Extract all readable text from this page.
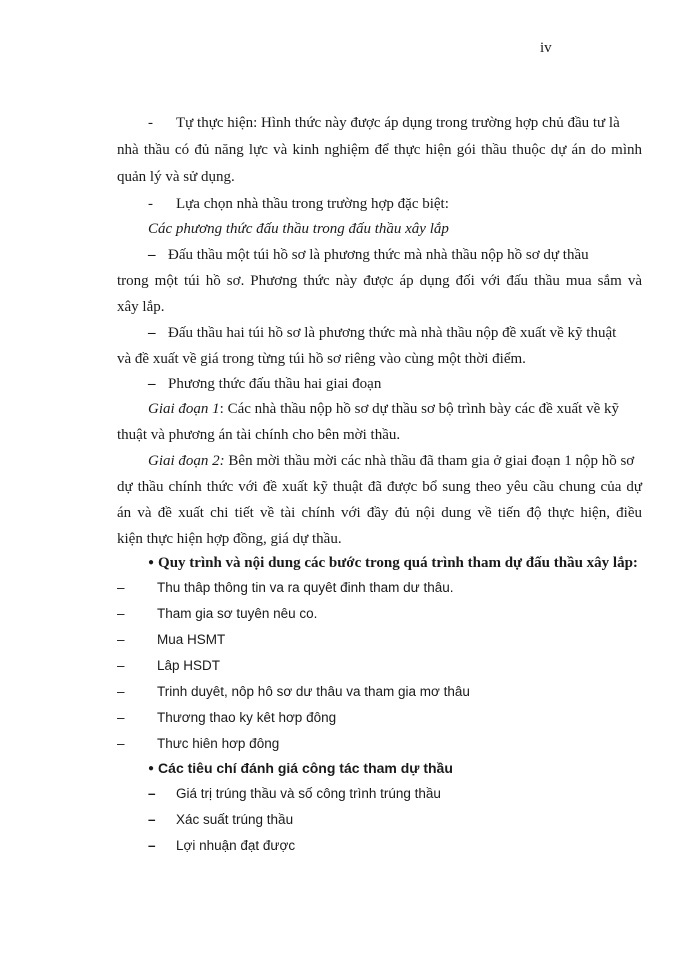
iv
- Tự thực hiện: Hình thức này được áp dụng trong trường hợp chủ đầu tư là
nhà thầu có đủ năng lực và kinh nghiệm để thực hiện gói thầu thuộc dự án do mình
quản lý và sử dụng.
- Lựa chọn nhà thầu trong trường hợp đặc biệt:
Các phương thức đấu thầu trong đấu thầu xây lắp
– Đấu thầu một túi hồ sơ là phương thức mà nhà thầu nộp hồ sơ dự thầu
trong một túi hồ sơ. Phương thức này được áp dụng đối với đấu thầu mua sắm và
xây lắp.
– Đấu thầu hai túi hồ sơ là phương thức mà nhà thầu nộp đề xuất về kỹ thuật
và đề xuất về giá trong từng túi hồ sơ riêng vào cùng một thời điểm.
– Phương thức đấu thầu hai giai đoạn
Giai đoạn 1: Các nhà thầu nộp hồ sơ dự thầu sơ bộ trình bày các đề xuất về kỹ
thuật và phương án tài chính cho bên mời thầu.
Giai đoạn 2: Bên mời thầu mời các nhà thầu đã tham gia ở giai đoạn 1 nộp hồ sơ
dự thầu chính thức với đề xuất kỹ thuật đã được bổ sung theo yêu cầu chung của dự
án và đề xuất chi tiết về tài chính với đầy đủ nội dung về tiến độ thực hiện, điều
kiện thực hiện hợp đồng, giá dự thầu.
● Quy trình và nội dung các bước trong quá trình tham dự đấu thầu xây lắp:
– Thu thâp thông tin va ra quyêt đinh tham dư thâu.
– Tham gia sơ tuyên nêu co.
– Mua HSMT
– Lâp HSDT
– Trinh duyêt, nôp hô sơ dư thâu va tham gia mơ thâu
– Thương thao ky kêt hơp đông
– Thưc hiên hơp đông
● Các tiêu chí đánh giá công tác tham dự thầu
– Giá trị trúng thầu và số công trình trúng thầu
– Xác suất trúng thầu
– Lợi nhuận đạt được
